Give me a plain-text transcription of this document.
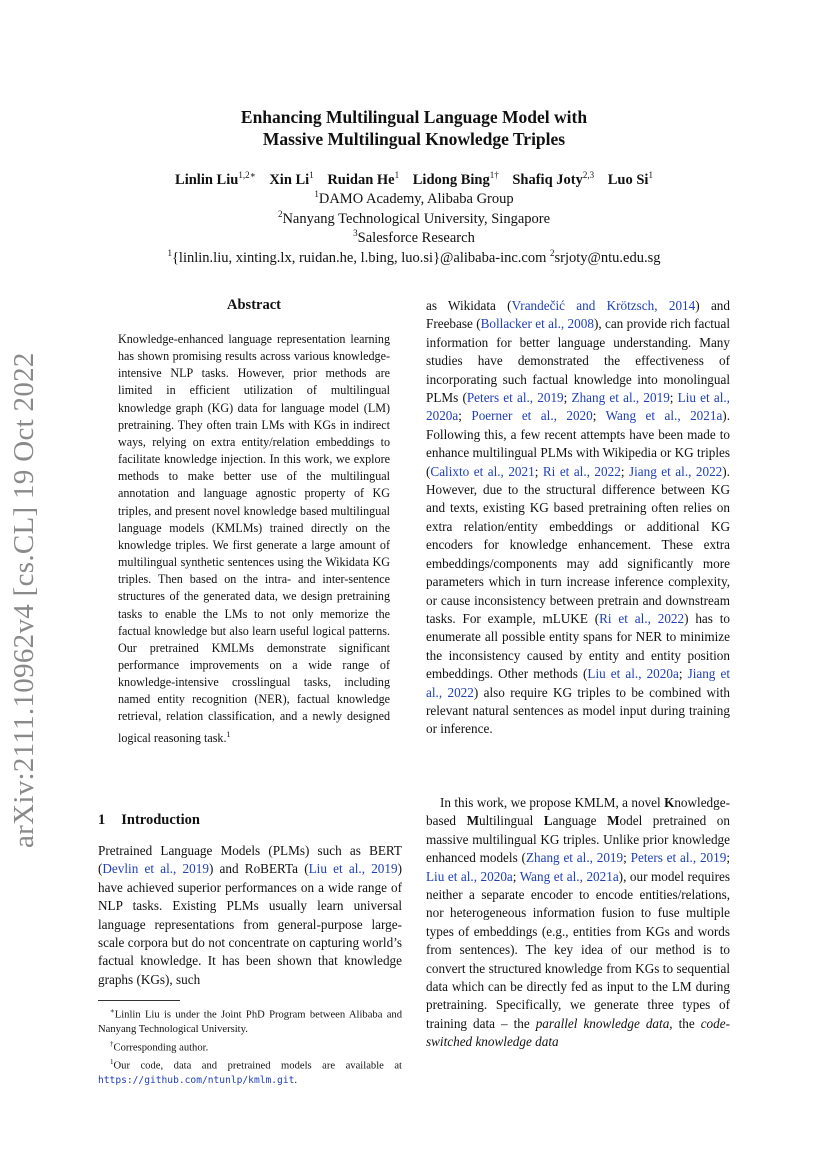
Enhancing Multilingual Language Model with
Massive Multilingual Knowledge Triples
Linlin Liu$^{1,2∗}$ Xin Li$^1$ Ruidan He$^1$ Lidong Bing$^{1\dagger}$ Shafiq Joty$^{2,3}$ Luo Si$^1$
$^1$DAMO Academy, Alibaba Group
$^2$Nanyang Technological University, Singapore
$^3$Salesforce Research
$^1${linlin.liu, xinting.lx, ruidan.he, l.bing, luo.si}@alibaba-inc.com $^2$srjoty@ntu.edu.sg
arXiv:2111.10962v4 [cs.CL] 19 Oct 2022
Abstract
Knowledge-enhanced language representation learning has shown promising results across various knowledge-intensive NLP tasks. However, prior methods are limited in efficient utilization of multilingual knowledge graph (KG) data for language model (LM) pretraining. They often train LMs with KGs in indirect ways, relying on extra entity/relation embeddings to facilitate knowledge injection. In this work, we explore methods to make better use of the multilingual annotation and language agnostic property of KG triples, and present novel knowledge based multilingual language models (KMLMs) trained directly on the knowledge triples. We first generate a large amount of multilingual synthetic sentences using the Wikidata KG triples. Then based on the intra- and inter-sentence structures of the generated data, we design pretraining tasks to enable the LMs to not only memorize the factual knowledge but also learn useful logical patterns. Our pretrained KMLMs demonstrate significant performance improvements on a wide range of knowledge-intensive crosslingual tasks, including named entity recognition (NER), factual knowledge retrieval, relation classification, and a newly designed logical reasoning task.$^1$
1 Introduction
Pretrained Language Models (PLMs) such as BERT (Devlin et al., 2019) and RoBERTa (Liu et al., 2019) have achieved superior performances on a wide range of NLP tasks. Existing PLMs usually learn universal language representations from general-purpose large-scale corpora but do not concentrate on capturing world’s factual knowledge. It has been shown that knowledge graphs (KGs), such

∗Linlin Liu is under the Joint PhD Program between Alibaba and Nanyang Technological University.

†Corresponding author.

$^1$Our code, data and pretrained models are available at https://github.com/ntunlp/kmlm.git.

as Wikidata (Vrandečić and Krötzsch, 2014) and Freebase (Bollacker et al., 2008), can provide rich factual information for better language understanding. Many studies have demonstrated the effectiveness of incorporating such factual knowledge into monolingual PLMs (Peters et al., 2019; Zhang et al., 2019; Liu et al., 2020a; Poerner et al., 2020; Wang et al., 2021a). Following this, a few recent attempts have been made to enhance multilingual PLMs with Wikipedia or KG triples (Calixto et al., 2021; Ri et al., 2022; Jiang et al., 2022). However, due to the structural difference between KG and texts, existing KG based pretraining often relies on extra relation/entity embeddings or additional KG encoders for knowledge enhancement. These extra embeddings/components may add significantly more parameters which in turn increase inference complexity, or cause inconsistency between pretrain and downstream tasks. For example, mLUKE (Ri et al., 2022) has to enumerate all possible entity spans for NER to minimize the inconsistency caused by entity and entity position embeddings. Other methods (Liu et al., 2020a; Jiang et al., 2022) also require KG triples to be combined with relevant natural sentences as model input during training or inference.
In this work, we propose KMLM, a novel Knowledge-based Multilingual Language Model pretrained on massive multilingual KG triples. Unlike prior knowledge enhanced models (Zhang et al., 2019; Peters et al., 2019; Liu et al., 2020a; Wang et al., 2021a), our model requires neither a separate encoder to encode entities/relations, nor heterogeneous information fusion to fuse multiple types of embeddings (e.g., entities from KGs and words from sentences). The key idea of our method is to convert the structured knowledge from KGs to sequential data which can be directly fed as input to the LM during pretraining. Specifically, we generate three types of training data – the parallel knowledge data, the code-switched knowledge data
